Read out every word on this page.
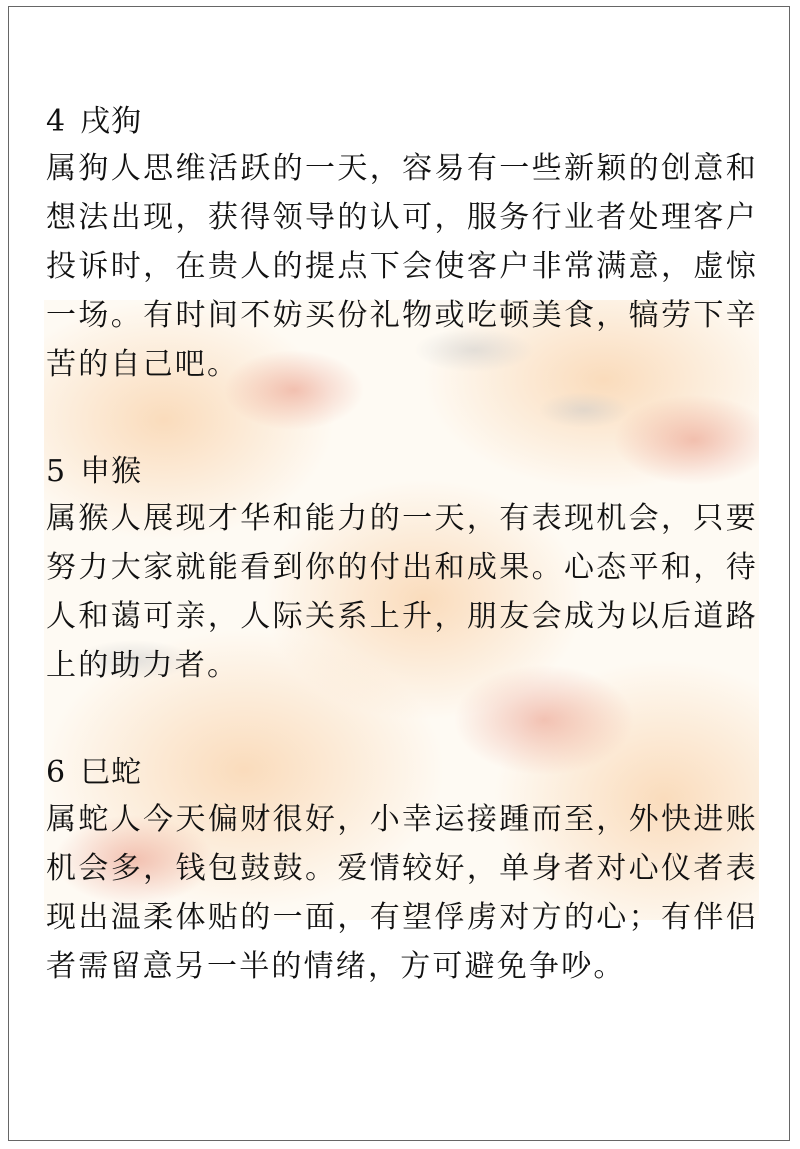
4 戌狗

属狗人思维活跃的一天，容易有一些新颖的创意和想法出现，获得领导的认可，服务行业者处理客户投诉时，在贵人的提点下会使客户非常满意，虚惊一场。有时间不妨买份礼物或吃顿美食，犒劳下辛苦的自己吧。

5 申猴

属猴人展现才华和能力的一天，有表现机会，只要努力大家就能看到你的付出和成果。心态平和，待人和蔼可亲，人际关系上升，朋友会成为以后道路上的助力者。

6 巳蛇

属蛇人今天偏财很好，小幸运接踵而至，外快进账机会多，钱包鼓鼓。爱情较好，单身者对心仪者表现出温柔体贴的一面，有望俘虏对方的心；有伴侣者需留意另一半的情绪，方可避免争吵。
